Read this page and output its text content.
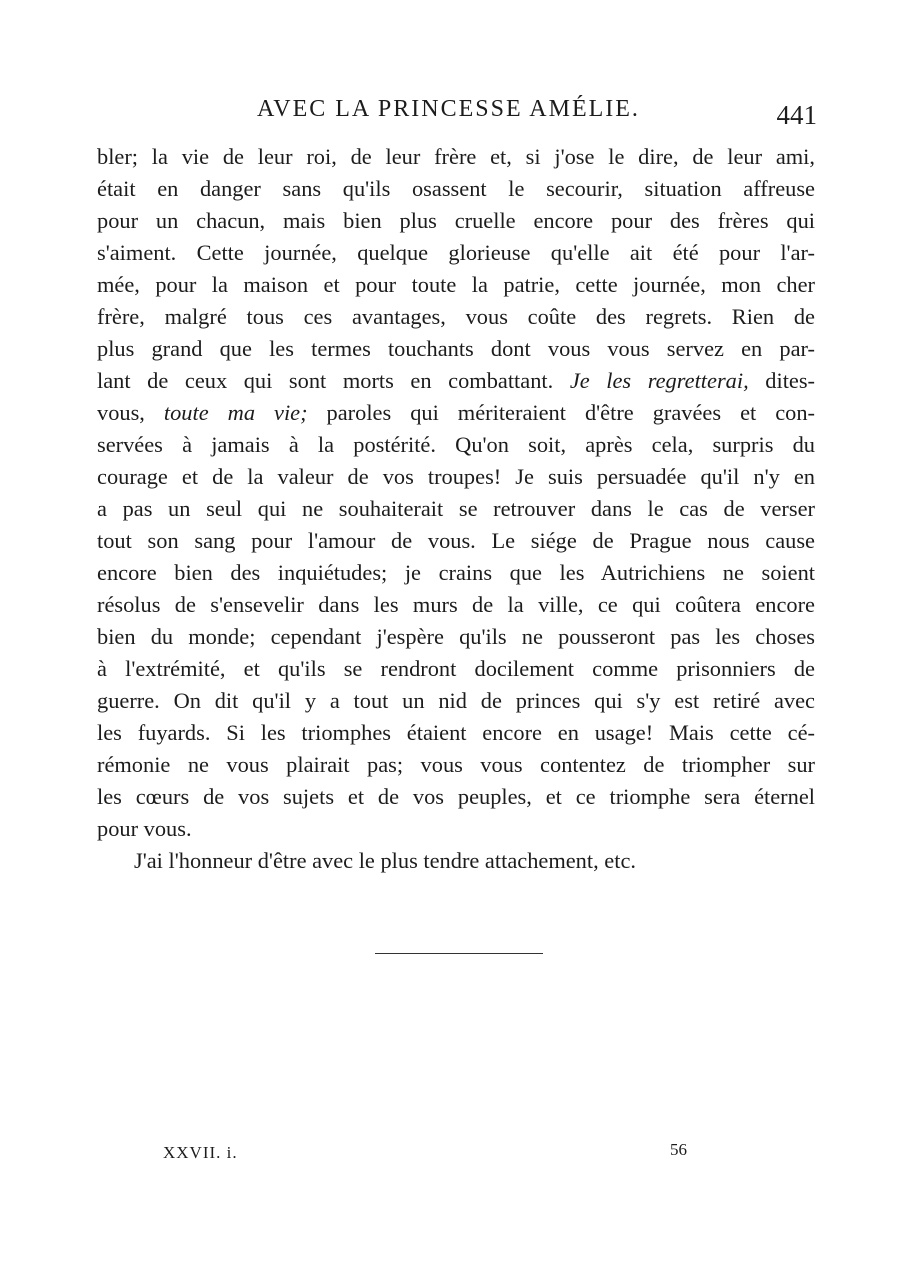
AVEC LA PRINCESSE AMÉLIE.	441
bler; la vie de leur roi, de leur frère et, si j'ose le dire, de leur ami,
était en danger sans qu'ils osassent le secourir, situation affreuse
pour un chacun, mais bien plus cruelle encore pour des frères qui
s'aiment. Cette journée, quelque glorieuse qu'elle ait été pour l'ar-
mée, pour la maison et pour toute la patrie, cette journée, mon cher
frère, malgré tous ces avantages, vous coûte des regrets. Rien de
plus grand que les termes touchants dont vous vous servez en par-
lant de ceux qui sont morts en combattant. Je les regretterai, dites-
vous, toute ma vie; paroles qui mériteraient d'être gravées et con-
servées à jamais à la postérité. Qu'on soit, après cela, surpris du
courage et de la valeur de vos troupes! Je suis persuadée qu'il n'y en
a pas un seul qui ne souhaiterait se retrouver dans le cas de verser
tout son sang pour l'amour de vous. Le siége de Prague nous cause
encore bien des inquiétudes; je crains que les Autrichiens ne soient
résolus de s'ensevelir dans les murs de la ville, ce qui coûtera encore
bien du monde; cependant j'espère qu'ils ne pousseront pas les choses
à l'extrémité, et qu'ils se rendront docilement comme prisonniers de
guerre. On dit qu'il y a tout un nid de princes qui s'y est retiré avec
les fuyards. Si les triomphes étaient encore en usage! Mais cette cé-
rémonie ne vous plairait pas; vous vous contentez de triompher sur
les cœurs de vos sujets et de vos peuples, et ce triomphe sera éternel
pour vous.
J'ai l'honneur d'être avec le plus tendre attachement, etc.
XXVII. i.	56
